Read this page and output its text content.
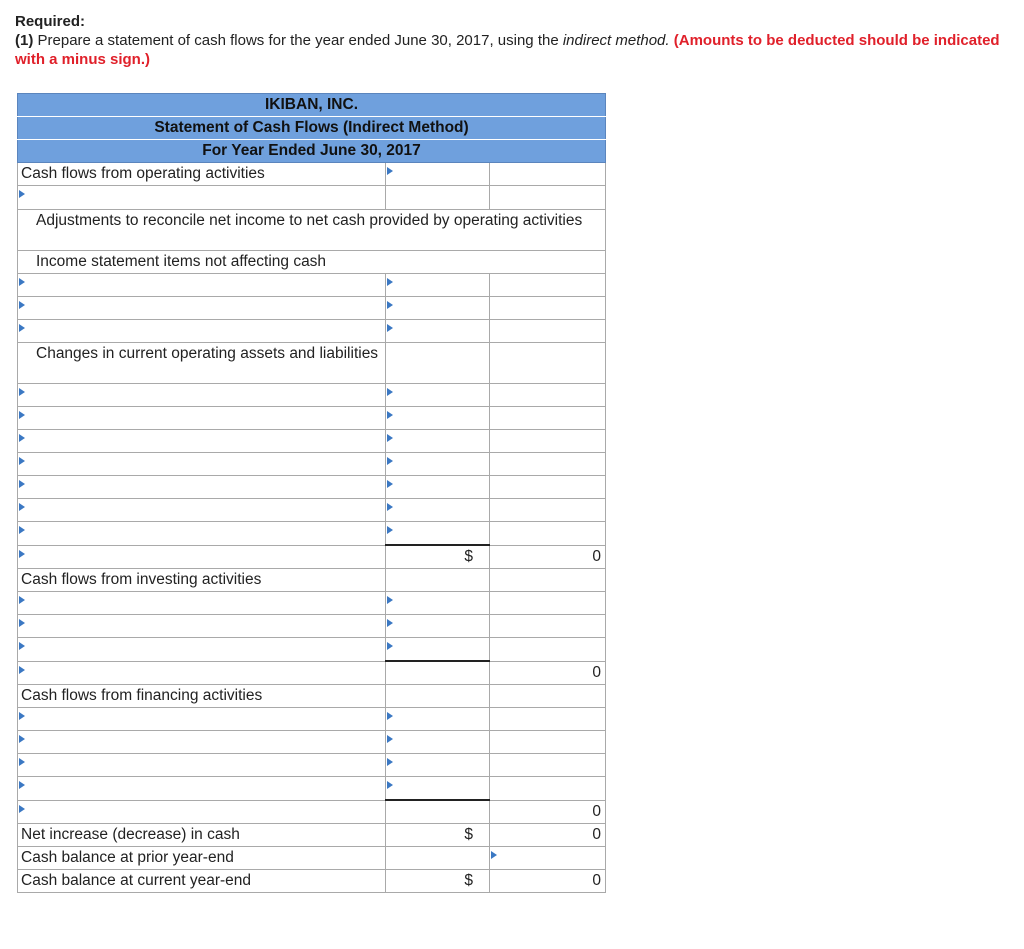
Required:
(1) Prepare a statement of cash flows for the year ended June 30, 2017, using the indirect method. (Amounts to be deducted should be indicated with a minus sign.)
IKIBAN, INC.		
Statement of Cash Flows (Indirect Method)		
For Year Ended June 30, 2017		
Cash flows from operating activities	

Adjustments to reconcile net income to net cash provided by operating activities		
Income statement items not affecting cash		

Changes in current operating assets and liabilities		

	$	0
Cash flows from investing activities		

		0
Cash flows from financing activities		

		0
Net increase (decrease) in cash	$	0
Cash balance at prior year-end		

Cash balance at current year-end	$	0
